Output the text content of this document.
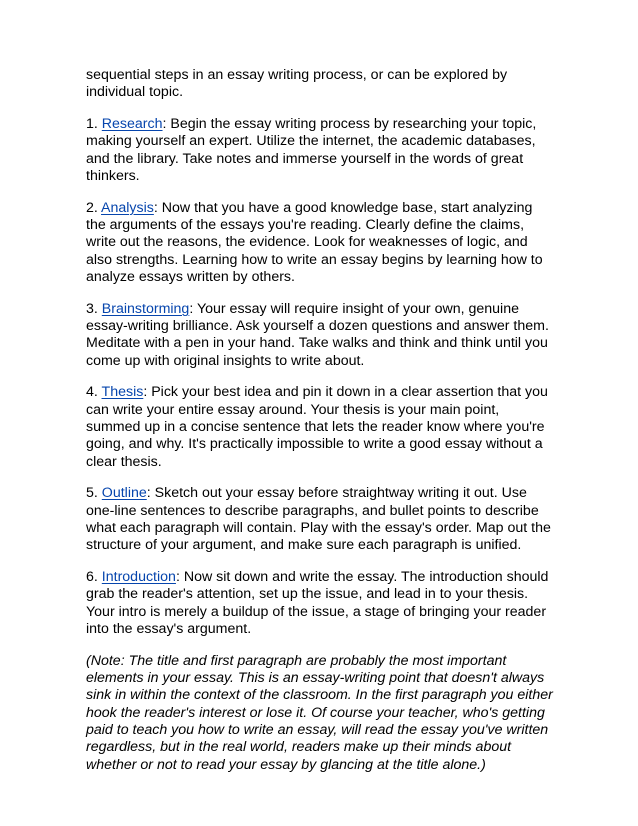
sequential steps in an essay writing process, or can be explored by individual topic.

1. Research: Begin the essay writing process by researching your topic, making yourself an expert. Utilize the internet, the academic databases, and the library. Take notes and immerse yourself in the words of great thinkers.

2. Analysis: Now that you have a good knowledge base, start analyzing the arguments of the essays you're reading. Clearly define the claims, write out the reasons, the evidence. Look for weaknesses of logic, and also strengths. Learning how to write an essay begins by learning how to analyze essays written by others.

3. Brainstorming: Your essay will require insight of your own, genuine essay-writing brilliance. Ask yourself a dozen questions and answer them. Meditate with a pen in your hand. Take walks and think and think until you come up with original insights to write about.

4. Thesis: Pick your best idea and pin it down in a clear assertion that you can write your entire essay around. Your thesis is your main point, summed up in a concise sentence that lets the reader know where you're going, and why. It's practically impossible to write a good essay without a clear thesis.

5. Outline: Sketch out your essay before straightway writing it out. Use one-line sentences to describe paragraphs, and bullet points to describe what each paragraph will contain. Play with the essay's order. Map out the structure of your argument, and make sure each paragraph is unified.

6. Introduction: Now sit down and write the essay. The introduction should grab the reader's attention, set up the issue, and lead in to your thesis. Your intro is merely a buildup of the issue, a stage of bringing your reader into the essay's argument.

(Note: The title and first paragraph are probably the most important elements in your essay. This is an essay-writing point that doesn't always sink in within the context of the classroom. In the first paragraph you either hook the reader's interest or lose it. Of course your teacher, who's getting paid to teach you how to write an essay, will read the essay you've written regardless, but in the real world, readers make up their minds about whether or not to read your essay by glancing at the title alone.)
